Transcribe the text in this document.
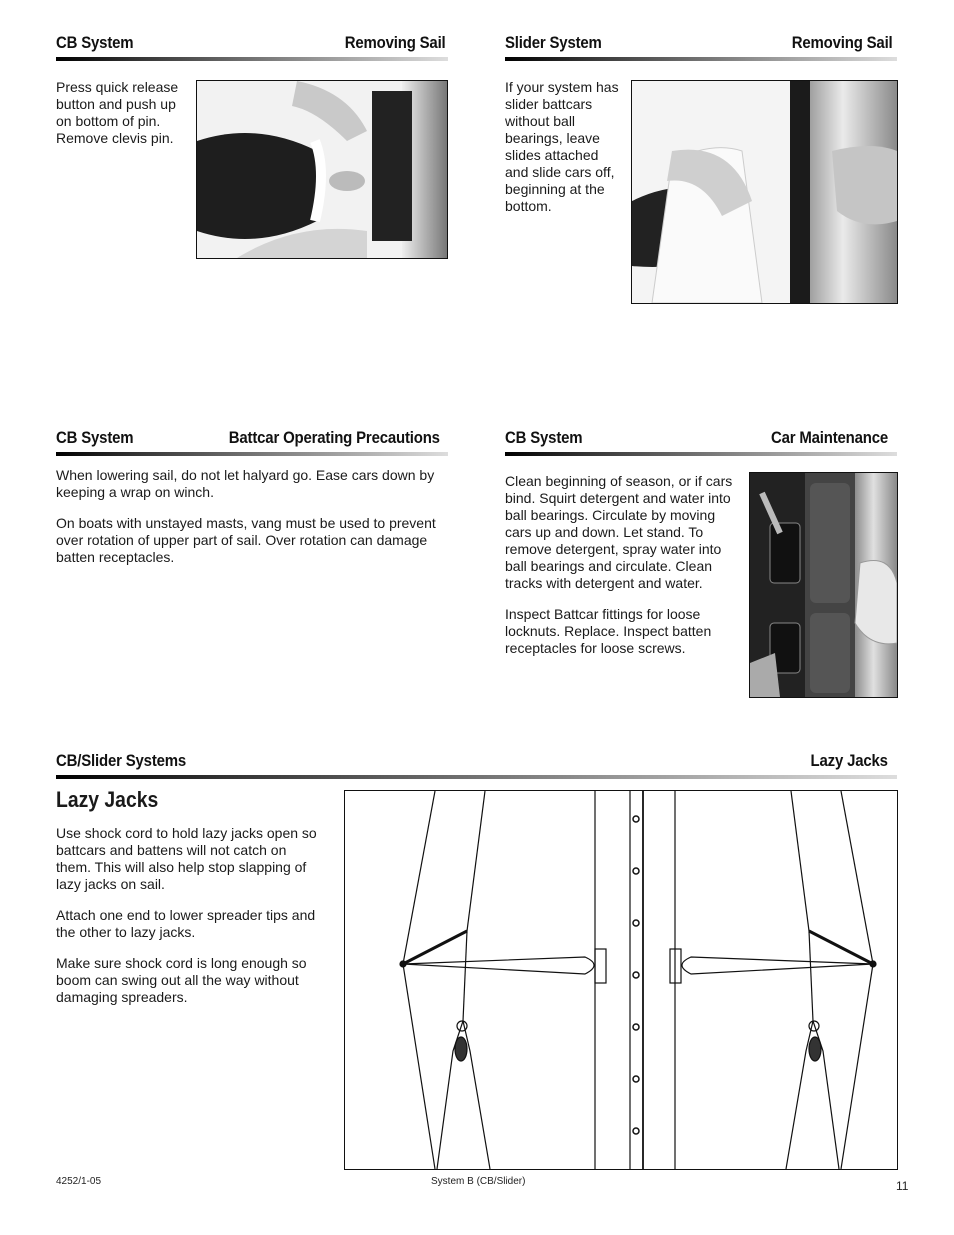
CB System	Removing Sail

Press quick release button and push up on bottom of pin. Remove clevis pin.

Slider System	Removing Sail

If your system has slider battcars without ball bearings, leave slides attached and slide cars off, beginning at the bottom.

CB System	Battcar Operating Precautions

When lowering sail, do not let halyard go. Ease cars down by keeping a wrap on winch.

On boats with unstayed masts, vang must be used to prevent over rotation of upper part of sail. Over rotation can damage batten receptacles.

CB System	Car Maintenance

Clean beginning of season, or if cars bind. Squirt detergent and water into ball bearings. Circulate by moving cars up and down. Let stand. To remove detergent, spray water into ball bearings and circulate. Clean tracks with detergent and water.

Inspect Battcar fittings for loose locknuts. Replace. Inspect batten receptacles for loose screws.

CB/Slider Systems	Lazy Jacks
Lazy Jacks

Use shock cord to hold lazy jacks open so battcars and battens will not catch on them. This will also help stop slapping of lazy jacks on sail.

Attach one end to lower spreader tips and the other to lazy jacks.

Make sure shock cord is long enough so boom can swing out all the way without damaging spreaders.

4252/1-05	System B (CB/Slider)	11
